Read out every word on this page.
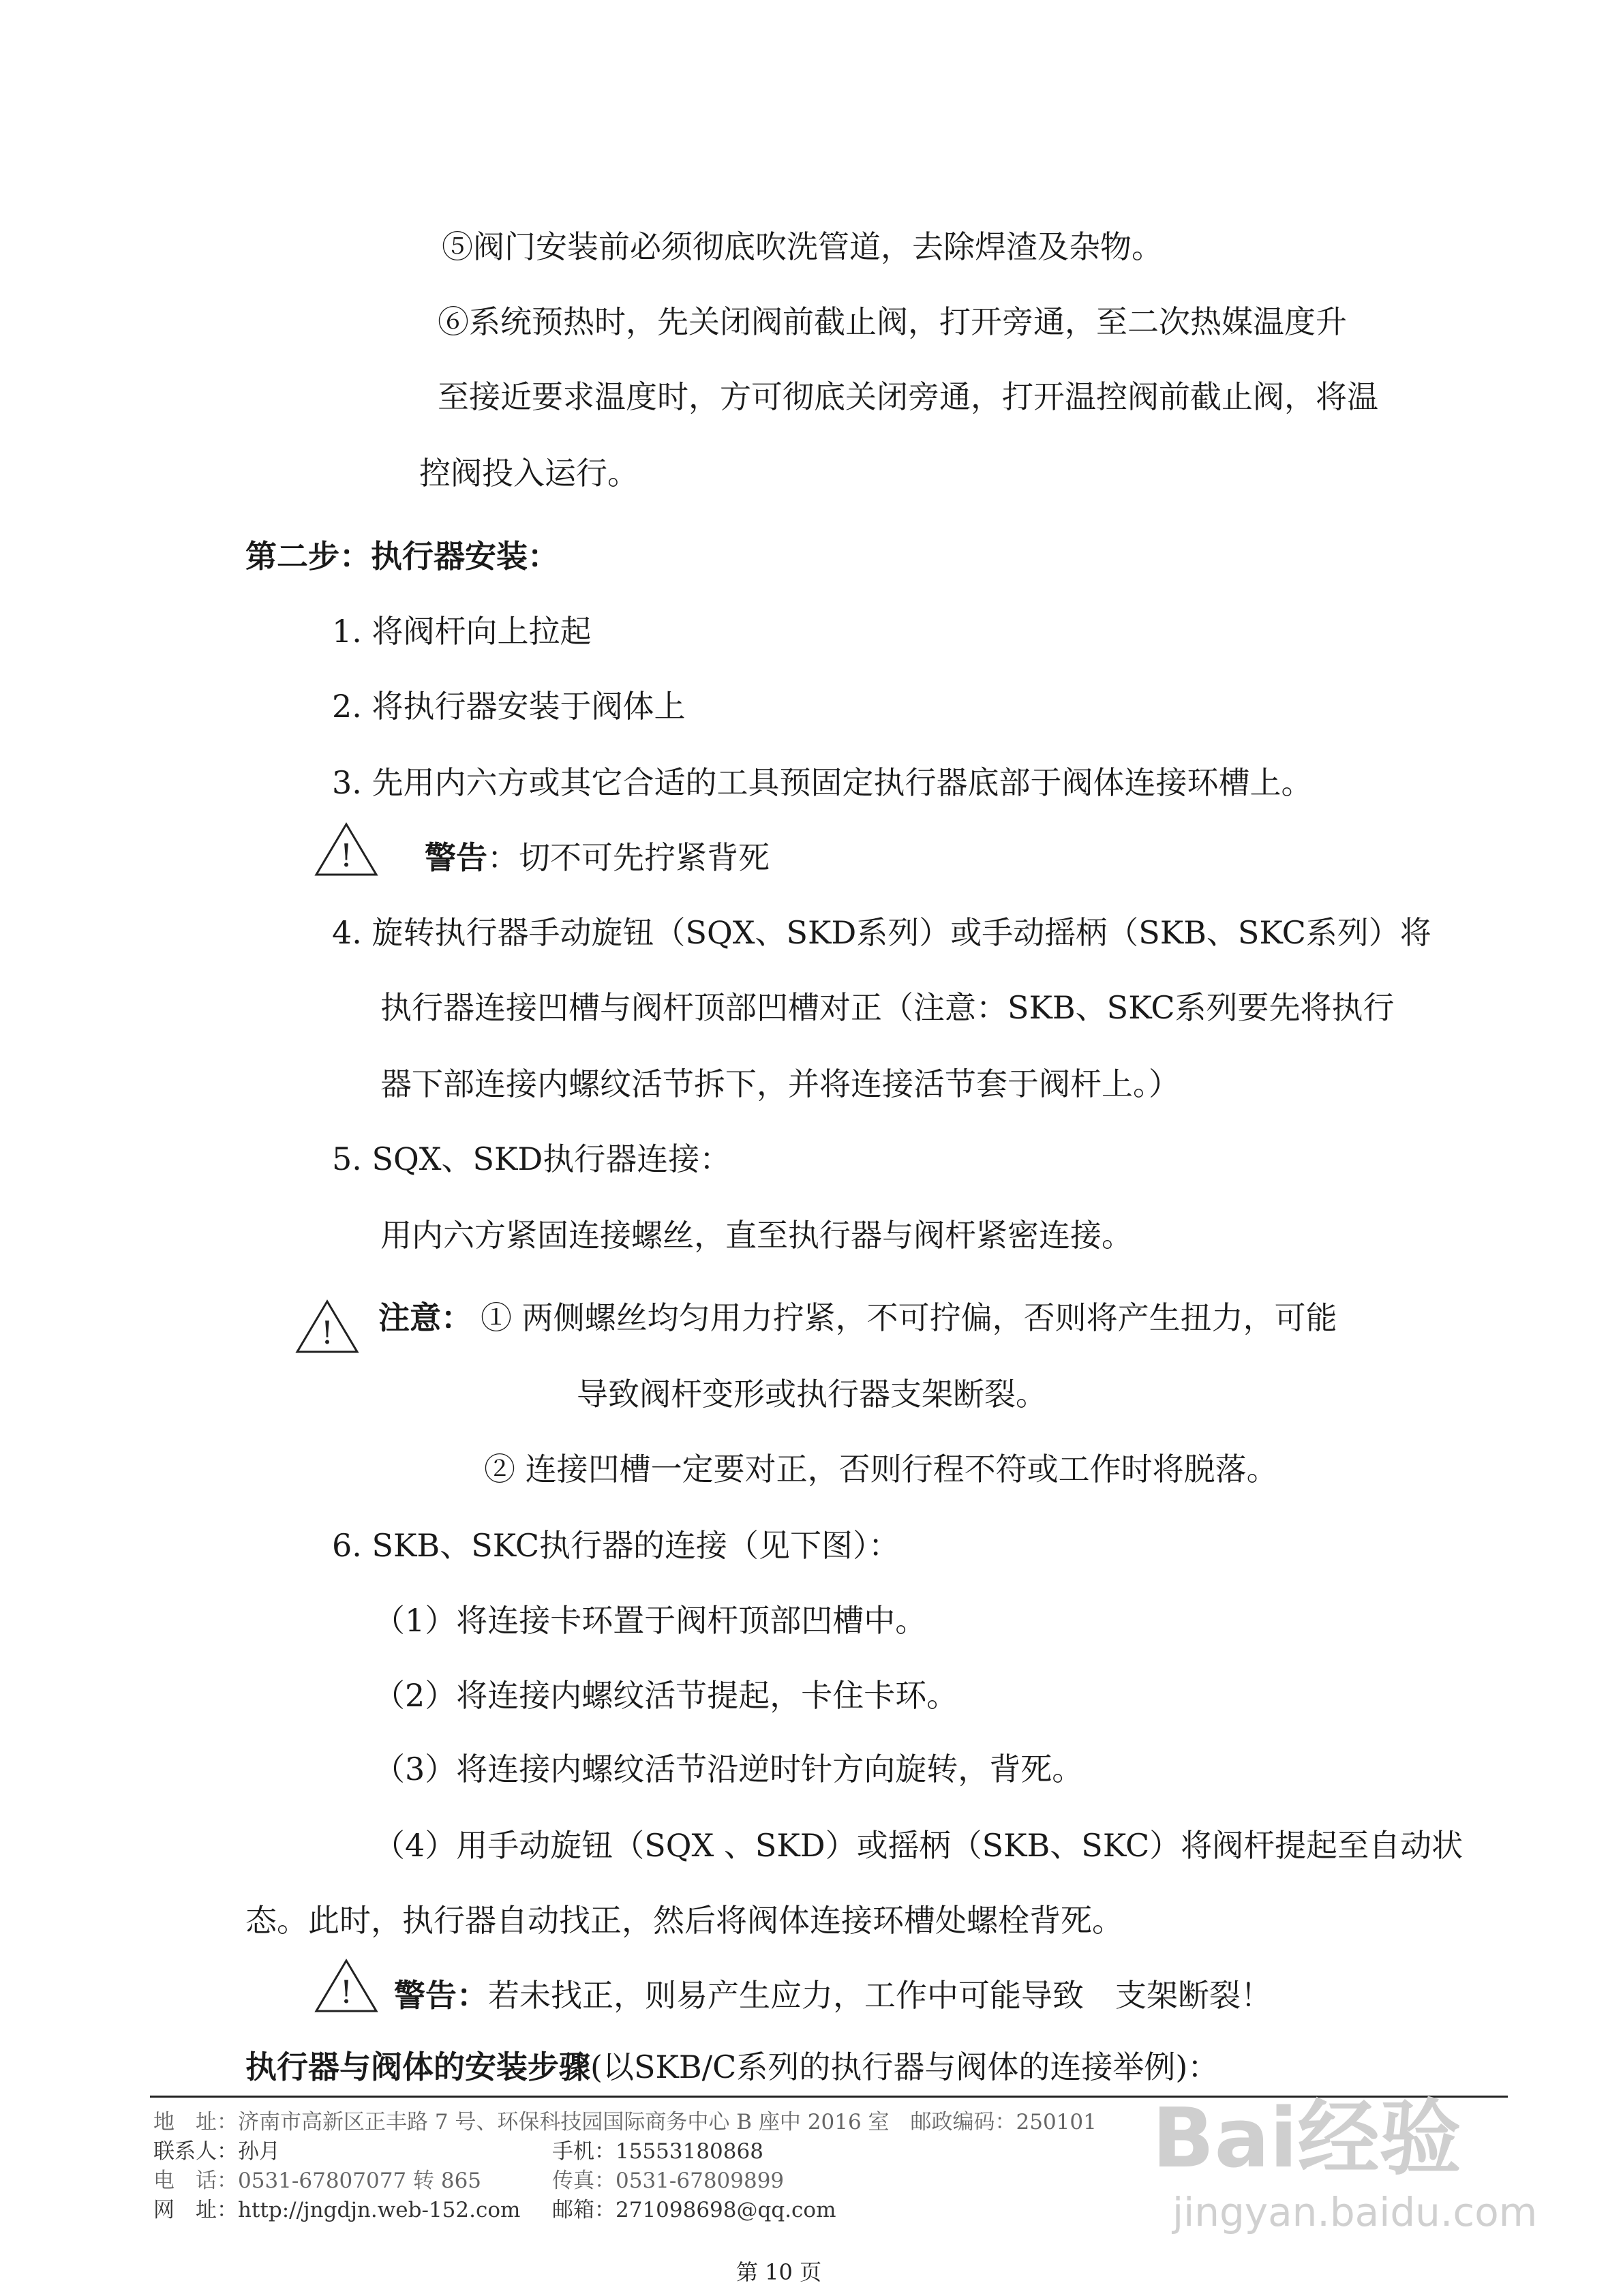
⑤阀门安装前必须彻底吹洗管道，去除焊渣及杂物。
⑥系统预热时，先关闭阀前截止阀，打开旁通，至二次热媒温度升
至接近要求温度时，方可彻底关闭旁通，打开温控阀前截止阀，将温
控阀投入运行。
第二步：执行器安装：
1. 将阀杆向上拉起
2. 将执行器安装于阀体上
3. 先用内六方或其它合适的工具预固定执行器底部于阀体连接环槽上。
! 警告：切不可先拧紧背死
4. 旋转执行器手动旋钮（SQX、SKD系列）或手动摇柄（SKB、SKC系列）将
执行器连接凹槽与阀杆顶部凹槽对正（注意：SKB、SKC系列要先将执行
器下部连接内螺纹活节拆下，并将连接活节套于阀杆上。）
5. SQX、SKD执行器连接：
用内六方紧固连接螺丝，直至执行器与阀杆紧密连接。
! 注意： ① 两侧螺丝均匀用力拧紧，不可拧偏，否则将产生扭力，可能
导致阀杆变形或执行器支架断裂。
② 连接凹槽一定要对正，否则行程不符或工作时将脱落。
6. SKB、SKC执行器的连接（见下图）：
（1）将连接卡环置于阀杆顶部凹槽中。
（2）将连接内螺纹活节提起，卡住卡环。
（3）将连接内螺纹活节沿逆时针方向旋转，背死。
（4）用手动旋钮（SQX 、SKD）或摇柄（SKB、SKC）将阀杆提起至自动状
态。此时，执行器自动找正，然后将阀体连接环槽处螺栓背死。
! 警告：若未找正，则易产生应力，工作中可能导致　支架断裂！
执行器与阀体的安装步骤(以SKB/C系列的执行器与阀体的连接举例)：
地　址：济南市高新区正丰路 7 号、环保科技园国际商务中心 B 座中 2016 室　邮政编码：250101
联系人：孙月	手机：15553180868
电　话：0531-67807077 转 865	传真：0531-67809899
网　址：http://jngdjn.web-152.com 邮箱：271098698@qq.com
第 10 页
Bai经验
jingyan.baidu.com
